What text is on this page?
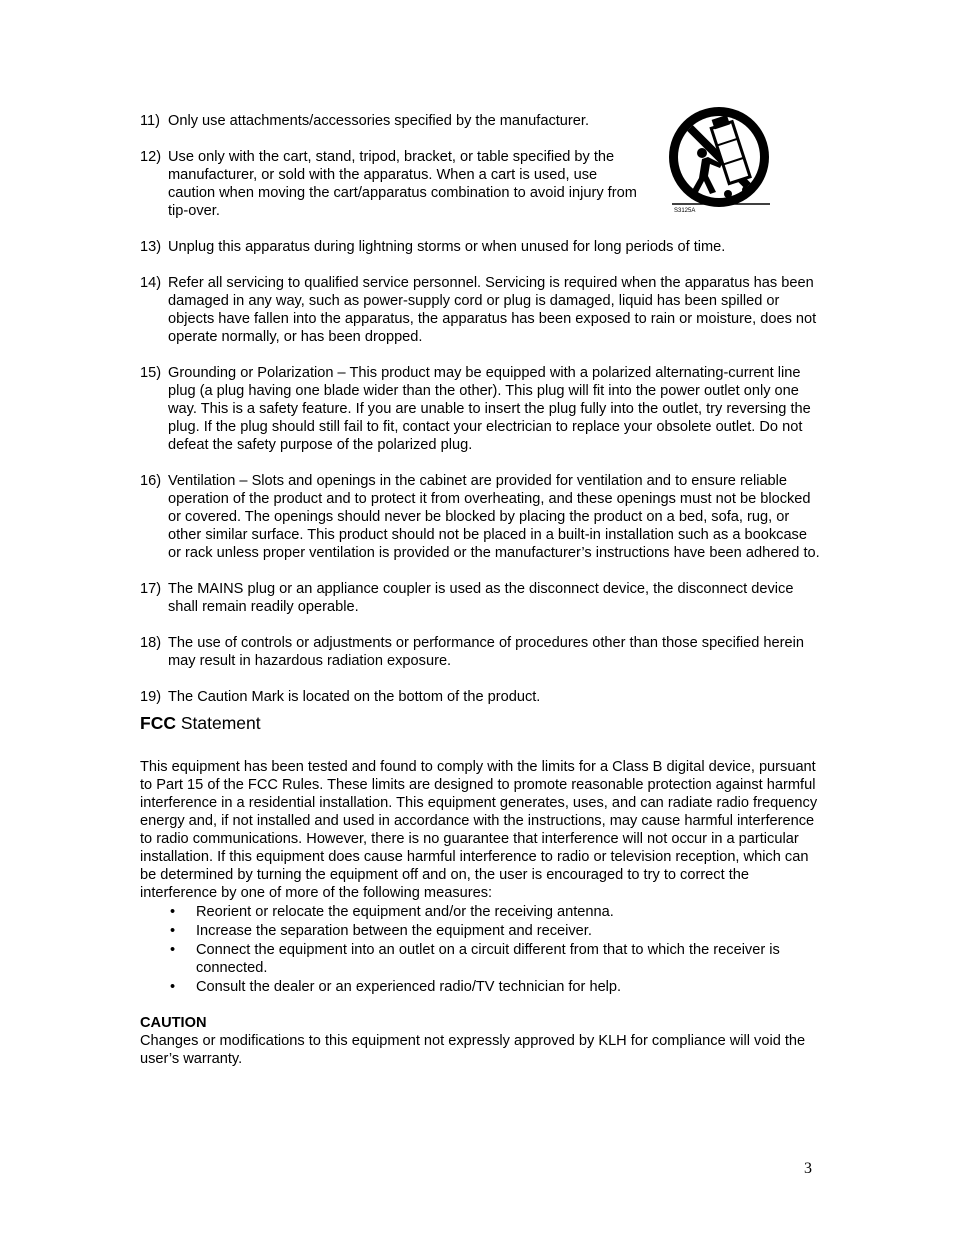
11) Only use attachments/accessories specified by the manufacturer.
12) Use only with the cart, stand, tripod, bracket, or table specified by the manufacturer, or sold with the apparatus. When a cart is used, use caution when moving the cart/apparatus combination to avoid injury from tip-over.
13) Unplug this apparatus during lightning storms or when unused for long periods of time.
14) Refer all servicing to qualified service personnel. Servicing is required when the apparatus has been damaged in any way, such as power-supply cord or plug is damaged, liquid has been spilled or objects have fallen into the apparatus, the apparatus has been exposed to rain or moisture, does not operate normally, or has been dropped.
15) Grounding or Polarization – This product may be equipped with a polarized alternating-current line plug (a plug having one blade wider than the other). This plug will fit into the power outlet only one way. This is a safety feature. If you are unable to insert the plug fully into the outlet, try reversing the plug. If the plug should still fail to fit, contact your electrician to replace your obsolete outlet. Do not defeat the safety purpose of the polarized plug.
16) Ventilation – Slots and openings in the cabinet are provided for ventilation and to ensure reliable operation of the product and to protect it from overheating, and these openings must not be blocked or covered. The openings should never be blocked by placing the product on a bed, sofa, rug, or other similar surface. This product should not be placed in a built-in installation such as a bookcase or rack unless proper ventilation is provided or the manufacturer’s instructions have been adhered to.
17) The MAINS plug or an appliance coupler is used as the disconnect device, the disconnect device shall remain readily operable.
18) The use of controls or adjustments or performance of procedures other than those specified herein may result in hazardous radiation exposure.
19) The Caution Mark is located on the bottom of the product.
FCC Statement

This equipment has been tested and found to comply with the limits for a Class B digital device, pursuant to Part 15 of the FCC Rules. These limits are designed to promote reasonable protection against harmful interference in a residential installation. This equipment generates, uses, and can radiate radio frequency energy and, if not installed and used in accordance with the instructions, may cause harmful interference to radio communications. However, there is no guarantee that interference will not occur in a particular installation. If this equipment does cause harmful interference to radio or television reception, which can be determined by turning the equipment off and on, the user is encouraged to try to correct the interference by one of more of the following measures:

• Reorient or relocate the equipment and/or the receiving antenna.
• Increase the separation between the equipment and receiver.
• Connect the equipment into an outlet on a circuit different from that to which the receiver is connected.
• Consult the dealer or an experienced radio/TV technician for help.
CAUTION
Changes or modifications to this equipment not expressly approved by KLH for compliance will void the user’s warranty.
S3125A
3
